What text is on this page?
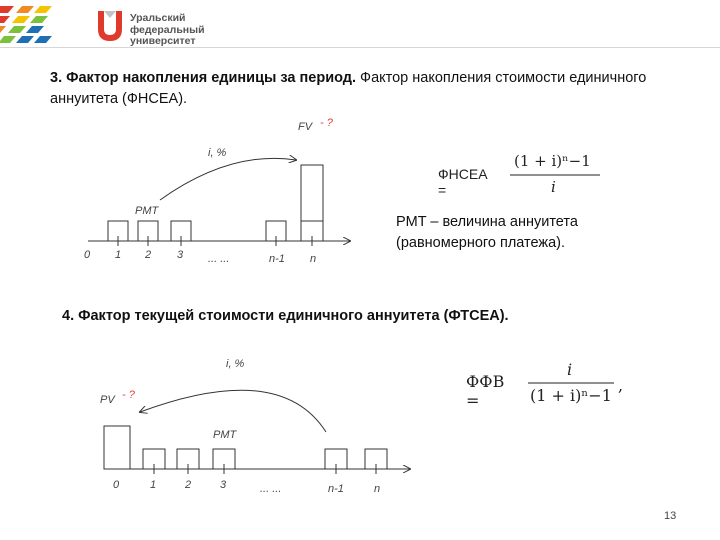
Уральский
федеральный
университет
3. Фактор накопления единицы за период. Фактор накопления стоимости единичного аннуитета (ФНСЕА).
FV - ?
i, %
PMT
0 1 2 3 ... ...	n-1 n
PV - ?
i, %
PMT
0	1	2	3	... ...	n-1	n
ФНСЕА =
(1 + i)ⁿ−1
i
PMT – величина аннуитета
(равномерного платежа).
4. Фактор текущей стоимости единичного аннуитета (ФТСЕА).
ФФВ =
i
(1 + i)ⁿ−1
,
13
